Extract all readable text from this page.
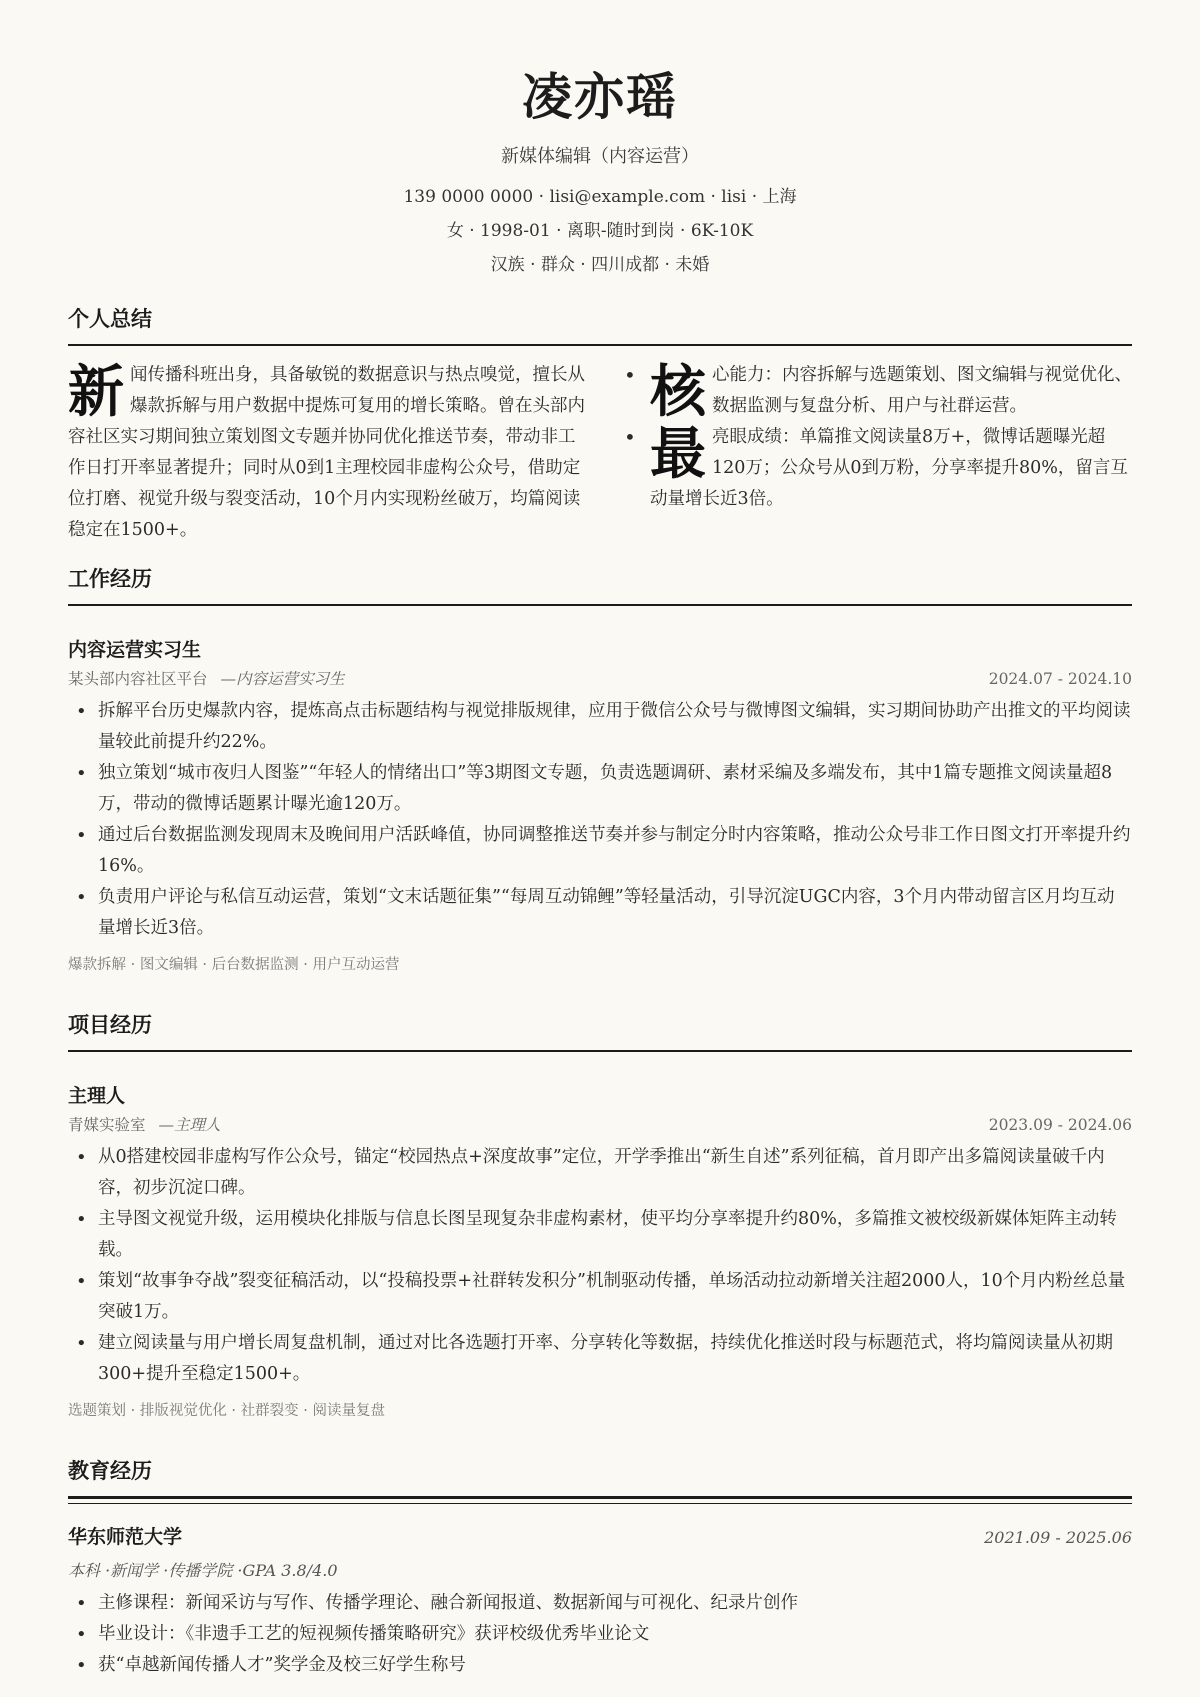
凌亦瑶
新媒体编辑（内容运营）
139 0000 0000 · lisi@example.com · lisi · 上海
女 · 1998-01 · 离职-随时到岗 · 6K-10K
汉族 · 群众 · 四川成都 · 未婚
个人总结
新 闻传播科班出身，具备敏锐的数据意识与热点嗅觉，擅长从爆款拆解与用户数据中提炼可复用的增长策略。曾在头部内容社区实习期间独立策划图文专题并协同优化推送节奏，带动非工作日打开率显著提升；同时从0到1主理校园非虚构公众号，借助定位打磨、视觉升级与裂变活动，10个月内实现粉丝破万，均篇阅读稳定在1500+。
• 核 心能力：内容拆解与选题策划、图文编辑与视觉优化、数据监测与复盘分析、用户与社群运营。
• 最 亮眼成绩：单篇推文阅读量8万+，微博话题曝光超120万；公众号从0到万粉，分享率提升80%，留言互动量增长近3倍。
工作经历
内容运营实习生
某头部内容社区平台 —内容运营实习生	2024.07 - 2024.10
• 拆解平台历史爆款内容，提炼高点击标题结构与视觉排版规律，应用于微信公众号与微博图文编辑，实习期间协助产出推文的平均阅读量较此前提升约22%。
• 独立策划“城市夜归人图鉴”“年轻人的情绪出口”等3期图文专题，负责选题调研、素材采编及多端发布，其中1篇专题推文阅读量超8万，带动的微博话题累计曝光逾120万。
• 通过后台数据监测发现周末及晚间用户活跃峰值，协同调整推送节奏并参与制定分时内容策略，推动公众号非工作日图文打开率提升约16%。
• 负责用户评论与私信互动运营，策划“文末话题征集”“每周互动锦鲤”等轻量活动，引导沉淀UGC内容，3个月内带动留言区月均互动量增长近3倍。
爆款拆解 · 图文编辑 · 后台数据监测 · 用户互动运营
项目经历
主理人
青媒实验室 —主理人	2023.09 - 2024.06
• 从0搭建校园非虚构写作公众号，锚定“校园热点+深度故事”定位，开学季推出“新生自述”系列征稿，首月即产出多篇阅读量破千内容，初步沉淀口碑。
• 主导图文视觉升级，运用模块化排版与信息长图呈现复杂非虚构素材，使平均分享率提升约80%，多篇推文被校级新媒体矩阵主动转载。
• 策划“故事争夺战”裂变征稿活动，以“投稿投票+社群转发积分”机制驱动传播，单场活动拉动新增关注超2000人，10个月内粉丝总量突破1万。
• 建立阅读量与用户增长周复盘机制，通过对比各选题打开率、分享转化等数据，持续优化推送时段与标题范式，将均篇阅读量从初期300+提升至稳定1500+。
选题策划 · 排版视觉优化 · 社群裂变 · 阅读量复盘
教育经历
华东师范大学	2021.09 - 2025.06
本科 ·新闻学 ·传播学院 ·GPA 3.8/4.0
• 主修课程：新闻采访与写作、传播学理论、融合新闻报道、数据新闻与可视化、纪录片创作
• 毕业设计：《非遗手工艺的短视频传播策略研究》获评校级优秀毕业论文
• 获“卓越新闻传播人才”奖学金及校三好学生称号
